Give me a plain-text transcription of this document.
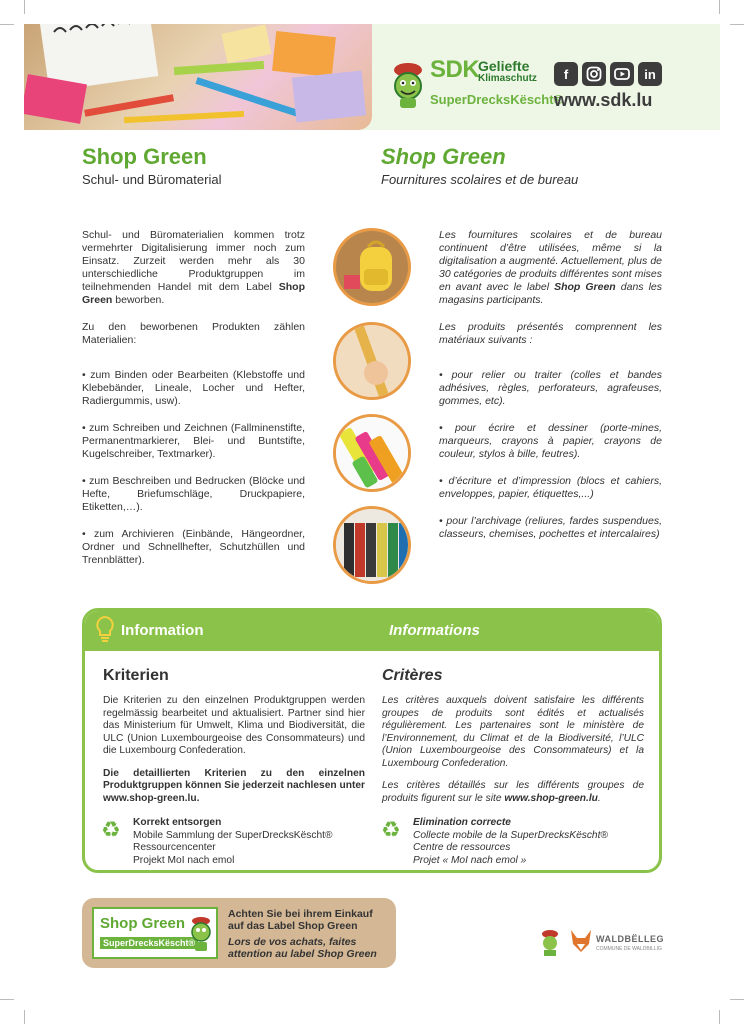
SDK
Geliefte
Klimaschutz
SuperDrecksKëscht®
f	in
www.sdk.lu
Shop Green
Schul- und Büromaterial
Shop Green
Fournitures scolaires et de bureau

Schul- und Büromaterialien kommen trotz vermehrter Digitalisierung immer noch zum Einsatz. Zurzeit werden mehr als 30 unterschiedliche Produktgruppen im teilnehmenden Handel mit dem Label Shop Green beworben.

Zu den beworbenen Produkten zählen Materialien:

• zum Binden oder Bearbeiten (Klebstoffe und Klebebänder, Lineale, Locher und Hefter, Radiergummis, usw).

• zum Schreiben und Zeichnen (Fallminenstifte, Permanentmarkierer, Blei- und Buntstifte, Kugelschreiber, Textmarker).

• zum Beschreiben und Bedrucken (Blöcke und Hefte, Briefumschläge, Druckpapiere, Etiketten,…).

• zum Archivieren (Einbände, Hängeordner, Ordner und Schnellhefter, Schutzhüllen und Trennblätter).

Les fournitures scolaires et de bureau continuent d’être utilisées, même si la digitalisation a augmenté. Actuellement, plus de 30 catégories de produits différentes sont mises en avant avec le label Shop Green dans les magasins participants.

Les produits présentés comprennent les matériaux suivants :

• pour relier ou traiter (colles et bandes adhésives, règles, perforateurs, agrafeuses, gommes, etc).

• pour écrire et dessiner (porte-mines, marqueurs, crayons à papier, crayons de couleur, stylos à bille, feutres).

• d’écriture et d’impression (blocs et cahiers, enveloppes, papier, étiquettes,...)

• pour l’archivage (reliures, fardes suspendues, classeurs, chemises, pochettes et intercalaires)

Information	Informations
Kriterien	Critères

Die Kriterien zu den einzelnen Produktgruppen werden regelmässig bearbeitet und aktualisiert. Partner sind hier das Ministerium für Umwelt, Klima und Biodiversität, die ULC (Union Luxembourgeoise des Consommateurs) und die Luxembourg Confederation.

Die detaillierten Kriterien zu den einzelnen Produktgruppen können Sie jederzeit nachlesen unter www.shop-green.lu.

Les critères auxquels doivent satisfaire les différents groupes de produits sont édités et actualisés régulièrement. Les partenaires sont le ministère de l’Environnement, du Climat et de la Biodiversité, l’ULC (Union Luxembourgeoise des Consommateurs) et la Luxembourg Confederation.

Les critères détaillés sur les différents groupes de produits figurent sur le site www.shop-green.lu.

♻ Korrekt entsorgen
Mobile Sammlung der SuperDrecksKëscht®
Ressourcencenter
Projekt MoI nach emol
♻ Elimination correcte
Collecte mobile de la SuperDrecksKëscht®
Centre de ressources
Projet « MoI nach emol »
Shop Green
SuperDrecksKëscht®
Achten Sie bei ihrem Einkauf auf das Label Shop Green
Lors de vos achats, faites attention au label Shop Green
WALDBËLLEG
COMMUNE DE WALDBILLIG
